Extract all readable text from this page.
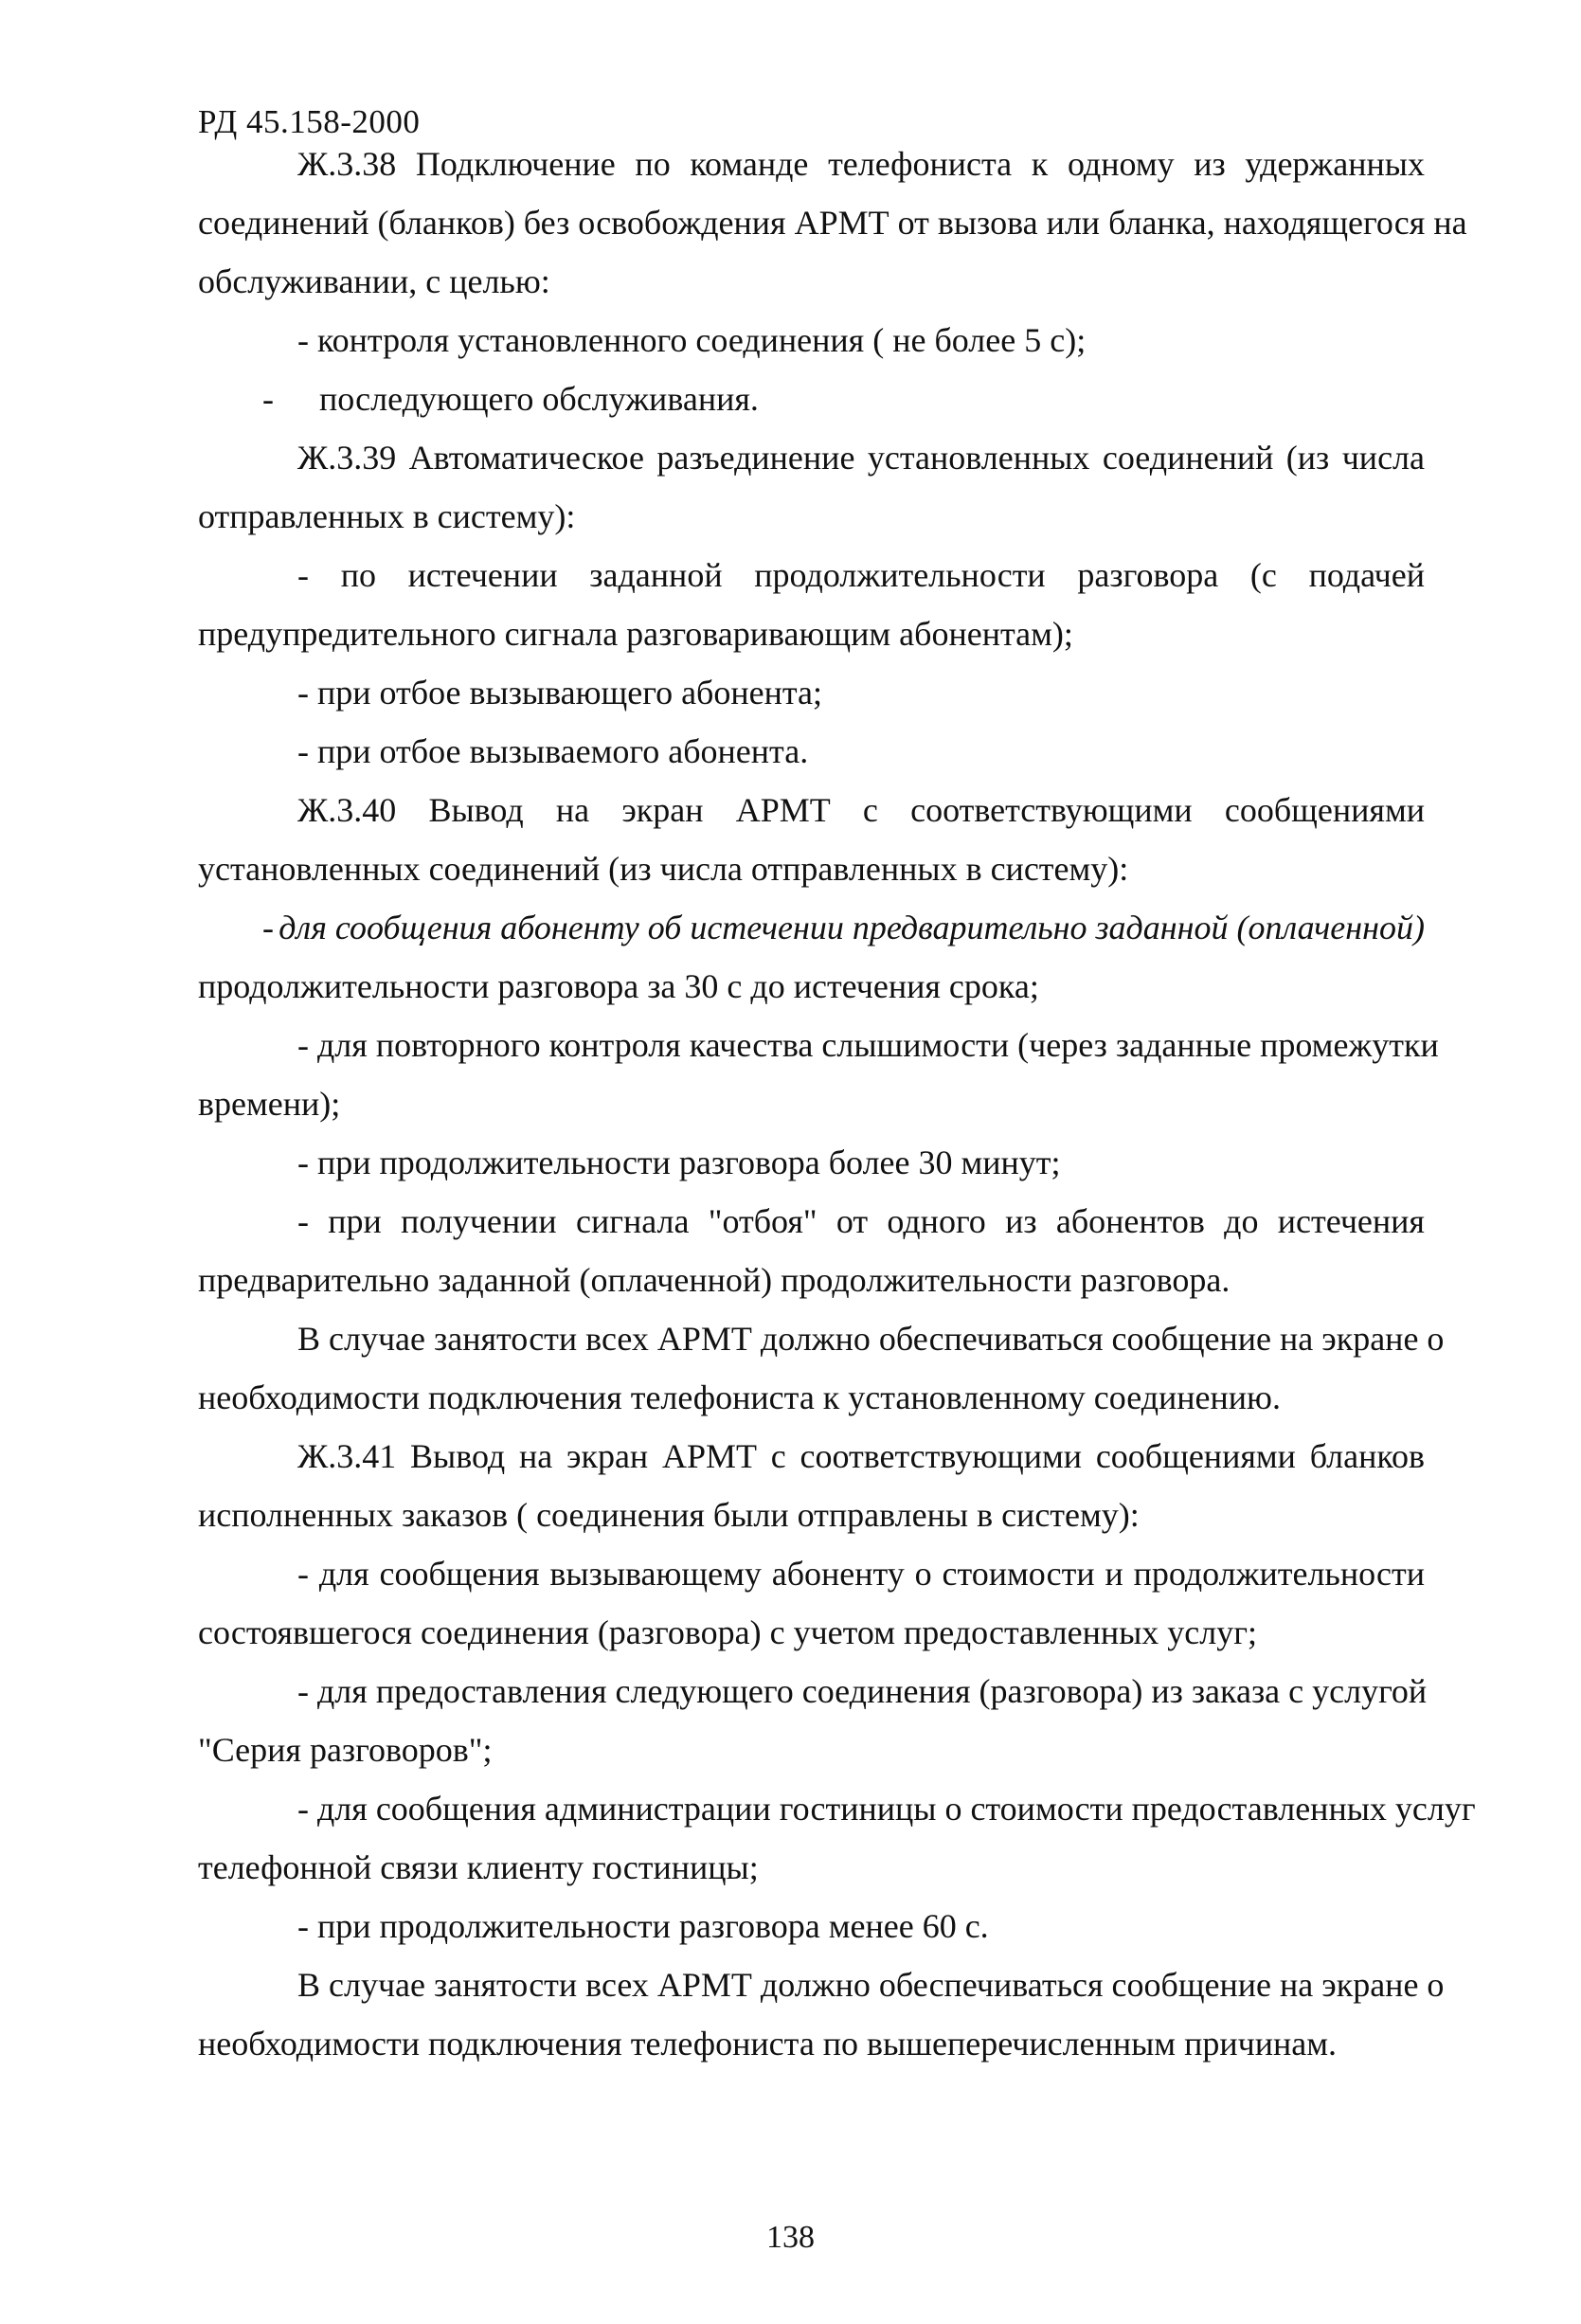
РД 45.158-2000
Ж.3.38 Подключение по команде телефониста к одному из удержанных
соединений (бланков) без освобождения АРМТ от вызова или бланка, находящегося на
обслуживании, с целью:
- контроля установленного соединения ( не более 5 с);
-	последующего обслуживания.
Ж.3.39 Автоматическое разъединение установленных соединений (из числа
отправленных в систему):
- по истечении заданной продолжительности разговора (с подачей
предупредительного сигнала разговаривающим абонентам);
- при отбое вызывающего абонента;
- при отбое вызываемого абонента.
Ж.3.40 Вывод на экран АРМТ с соответствующими сообщениями
установленных соединений (из числа отправленных в систему):
- для сообщения абоненту об истечении предварительно заданной (оплаченной)
продолжительности разговора за 30 с до истечения срока;
- для повторного контроля качества слышимости (через заданные промежутки
времени);
- при продолжительности разговора более 30 минут;
- при получении сигнала "отбоя" от одного из абонентов до истечения
предварительно заданной (оплаченной) продолжительности разговора.
В случае занятости всех АРМТ должно обеспечиваться сообщение на экране о
необходимости подключения телефониста к установленному соединению.
Ж.3.41 Вывод на экран АРМТ с соответствующими сообщениями бланков
исполненных заказов ( соединения были отправлены в систему):
- для сообщения вызывающему абоненту о стоимости и продолжительности
состоявшегося соединения (разговора) с учетом предоставленных услуг;
- для предоставления следующего соединения (разговора) из заказа с услугой
"Серия разговоров";
- для сообщения администрации гостиницы о стоимости предоставленных услуг
телефонной связи клиенту гостиницы;
- при продолжительности разговора менее 60 с.
В случае занятости всех АРМТ должно обеспечиваться сообщение на экране о
необходимости подключения телефониста по вышеперечисленным причинам.
138
